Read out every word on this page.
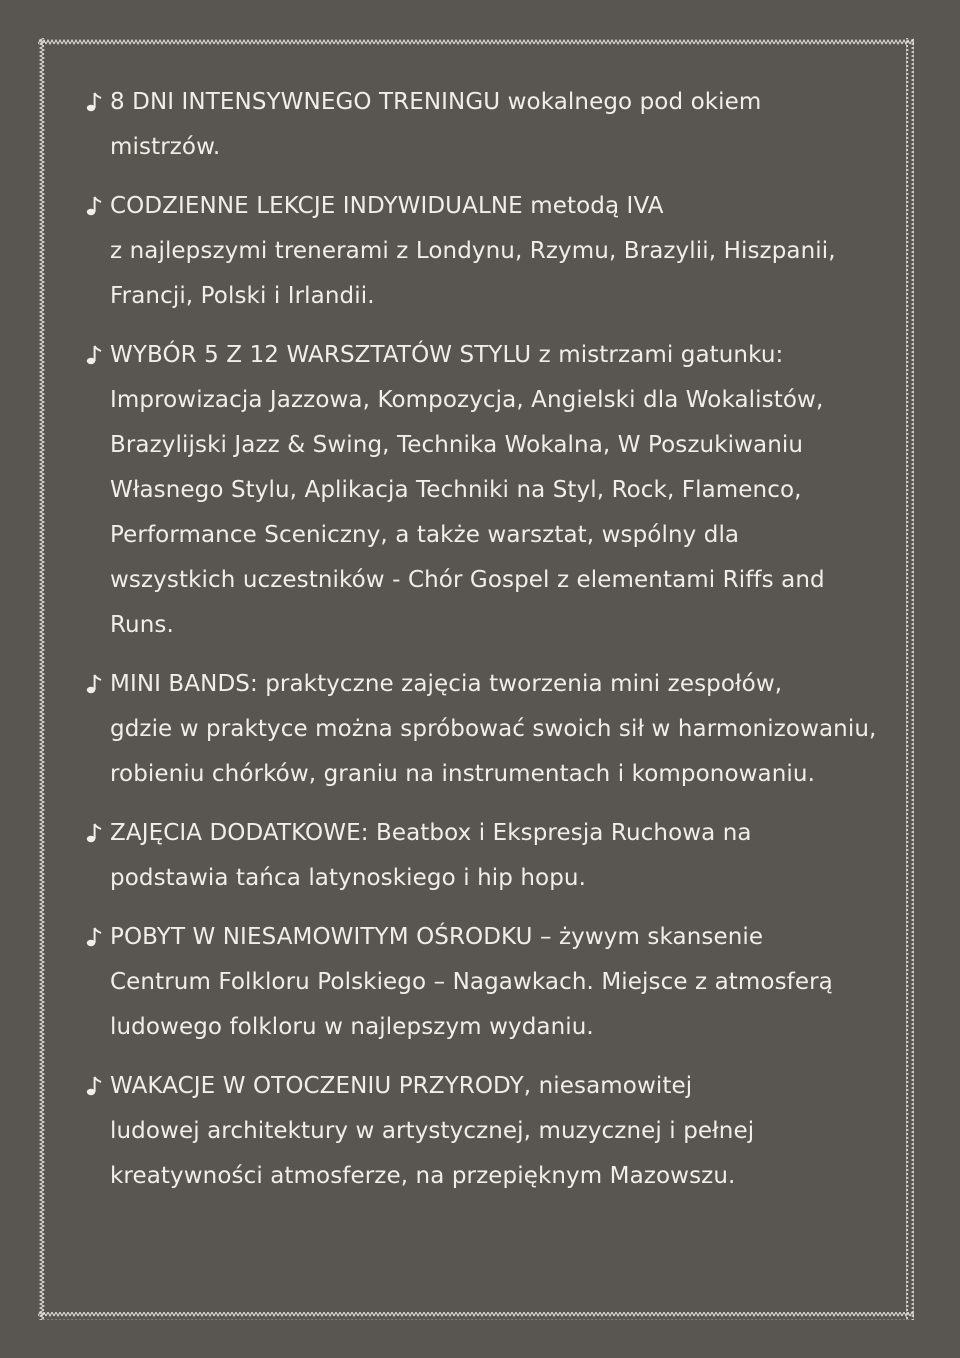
8 DNI INTENSYWNEGO TRENINGU wokalnego pod okiem

mistrzów.

CODZIENNE LEKCJE INDYWIDUALNE metodą IVA

z najlepszymi trenerami z Londynu, Rzymu, Brazylii, Hiszpanii,

Francji, Polski i Irlandii.

WYBÓR 5 Z 12 WARSZTATÓW STYLU z mistrzami gatunku:

Improwizacja Jazzowa, Kompozycja, Angielski dla Wokalistów,

Brazylijski Jazz & Swing, Technika Wokalna, W Poszukiwaniu

Własnego Stylu, Aplikacja Techniki na Styl, Rock, Flamenco,

Performance Sceniczny, a także warsztat, wspólny dla

wszystkich uczestników - Chór Gospel z elementami Riffs and

Runs.

MINI BANDS: praktyczne zajęcia tworzenia mini zespołów,

gdzie w praktyce można spróbować swoich sił w harmonizowaniu,

robieniu chórków, graniu na instrumentach i komponowaniu.

ZAJĘCIA DODATKOWE: Beatbox i Ekspresja Ruchowa na

podstawia tańca latynoskiego i hip hopu.

POBYT W NIESAMOWITYM OŚRODKU – żywym skansenie

Centrum Folkloru Polskiego – Nagawkach. Miejsce z atmosferą

ludowego folkloru w najlepszym wydaniu.

WAKACJE W OTOCZENIU PRZYRODY, niesamowitej

ludowej architektury w artystycznej, muzycznej i pełnej

kreatywności atmosferze, na przepięknym Mazowszu.
